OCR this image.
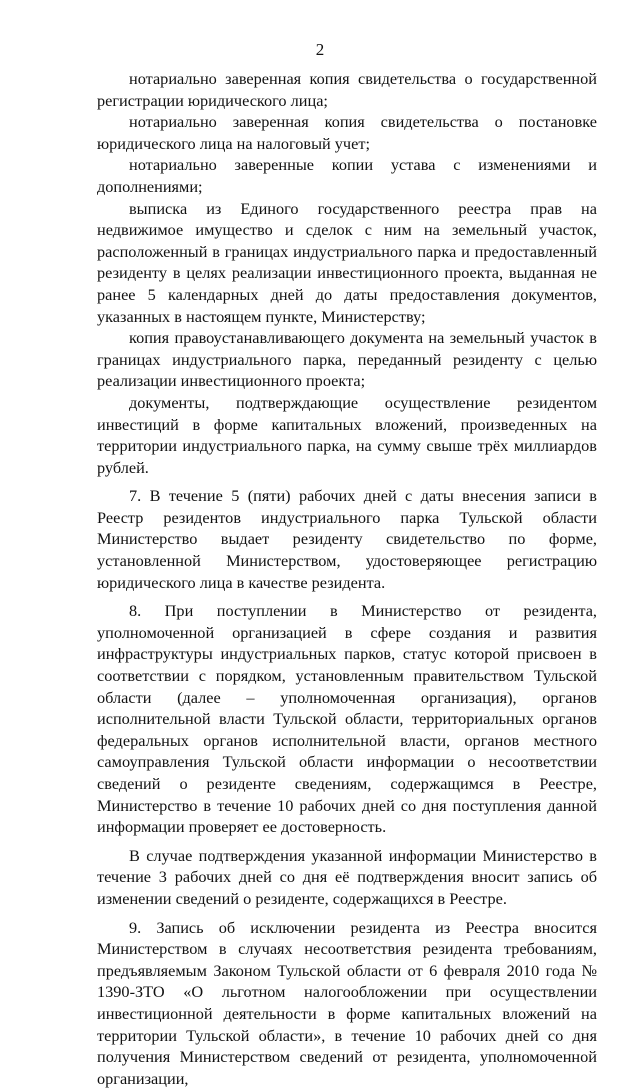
2

нотариально заверенная копия свидетельства о государственной регистрации юридического лица;

нотариально заверенная копия свидетельства о постановке юридического лица на налоговый учет;

нотариально заверенные копии устава с изменениями и дополнениями;

выписка из Единого государственного реестра прав на недвижимое имущество и сделок с ним на земельный участок, расположенный в границах индустриального парка и предоставленный резиденту в целях реализации инвестиционного проекта, выданная не ранее 5 календарных дней до даты предоставления документов, указанных в настоящем пункте, Министерству;

копия правоустанавливающего документа на земельный участок в границах индустриального парка, переданный резиденту с целью реализации инвестиционного проекта;

документы, подтверждающие осуществление резидентом инвестиций в форме капитальных вложений, произведенных на территории индустриального парка, на сумму свыше трёх миллиардов рублей.

7. В течение 5 (пяти) рабочих дней с даты внесения записи в Реестр резидентов индустриального парка Тульской области Министерство выдает резиденту свидетельство по форме, установленной Министерством, удостоверяющее регистрацию юридического лица в качестве резидента.

8. При поступлении в Министерство от резидента, уполномоченной организацией в сфере создания и развития инфраструктуры индустриальных парков, статус которой присвоен в соответствии с порядком, установленным правительством Тульской области (далее – уполномоченная организация), органов исполнительной власти Тульской области, территориальных органов федеральных органов исполнительной власти, органов местного самоуправления Тульской области информации о несоответствии сведений о резиденте сведениям, содержащимся в Реестре, Министерство в течение 10 рабочих дней со дня поступления данной информации проверяет ее достоверность.

В случае подтверждения указанной информации Министерство в течение 3 рабочих дней со дня её подтверждения вносит запись об изменении сведений о резиденте, содержащихся в Реестре.

9. Запись об исключении резидента из Реестра вносится Министерством в случаях несоответствия резидента требованиям, предъявляемым Законом Тульской области от 6 февраля 2010 года № 1390-ЗТО «О льготном налогообложении при осуществлении инвестиционной деятельности в форме капитальных вложений на территории Тульской области», в течение 10 рабочих дней со дня получения Министерством сведений от резидента, уполномоченной организации,
